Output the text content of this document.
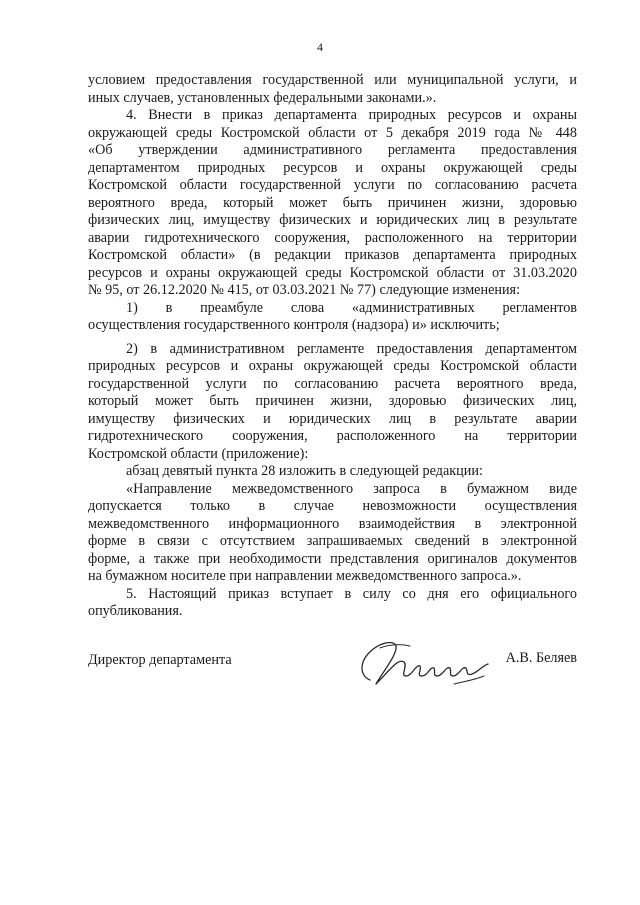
4
условием предоставления государственной или муниципальной услуги, и
иных случаев, установленных федеральными законами.».
4. Внести в приказ департамента природных ресурсов и охраны
окружающей среды Костромской области от 5 декабря 2019 года № 448
«Об утверждении административного регламента предоставления
департаментом природных ресурсов и охраны окружающей среды
Костромской области государственной услуги по согласованию расчета
вероятного вреда, который может быть причинен жизни, здоровью
физических лиц, имуществу физических и юридических лиц в результате
аварии гидротехнического сооружения, расположенного на территории
Костромской области» (в редакции приказов департамента природных
ресурсов и охраны окружающей среды Костромской области от 31.03.2020
№ 95, от 26.12.2020 № 415, от 03.03.2021 № 77) следующие изменения:
1) в преамбуле слова «административных регламентов
осуществления государственного контроля (надзора) и» исключить;
2) в административном регламенте предоставления департаментом
природных ресурсов и охраны окружающей среды Костромской области
государственной услуги по согласованию расчета вероятного вреда,
который может быть причинен жизни, здоровью физических лиц,
имуществу физических и юридических лиц в результате аварии
гидротехнического сооружения, расположенного на территории
Костромской области (приложение):
абзац девятый пункта 28 изложить в следующей редакции:
«Направление межведомственного запроса в бумажном виде
допускается только в случае невозможности осуществления
межведомственного информационного взаимодействия в электронной
форме в связи с отсутствием запрашиваемых сведений в электронной
форме, а также при необходимости представления оригиналов документов
на бумажном носителе при направлении межведомственного запроса.».
5. Настоящий приказ вступает в силу со дня его официального
опубликования.
Директор департамента	А.В. Беляев
